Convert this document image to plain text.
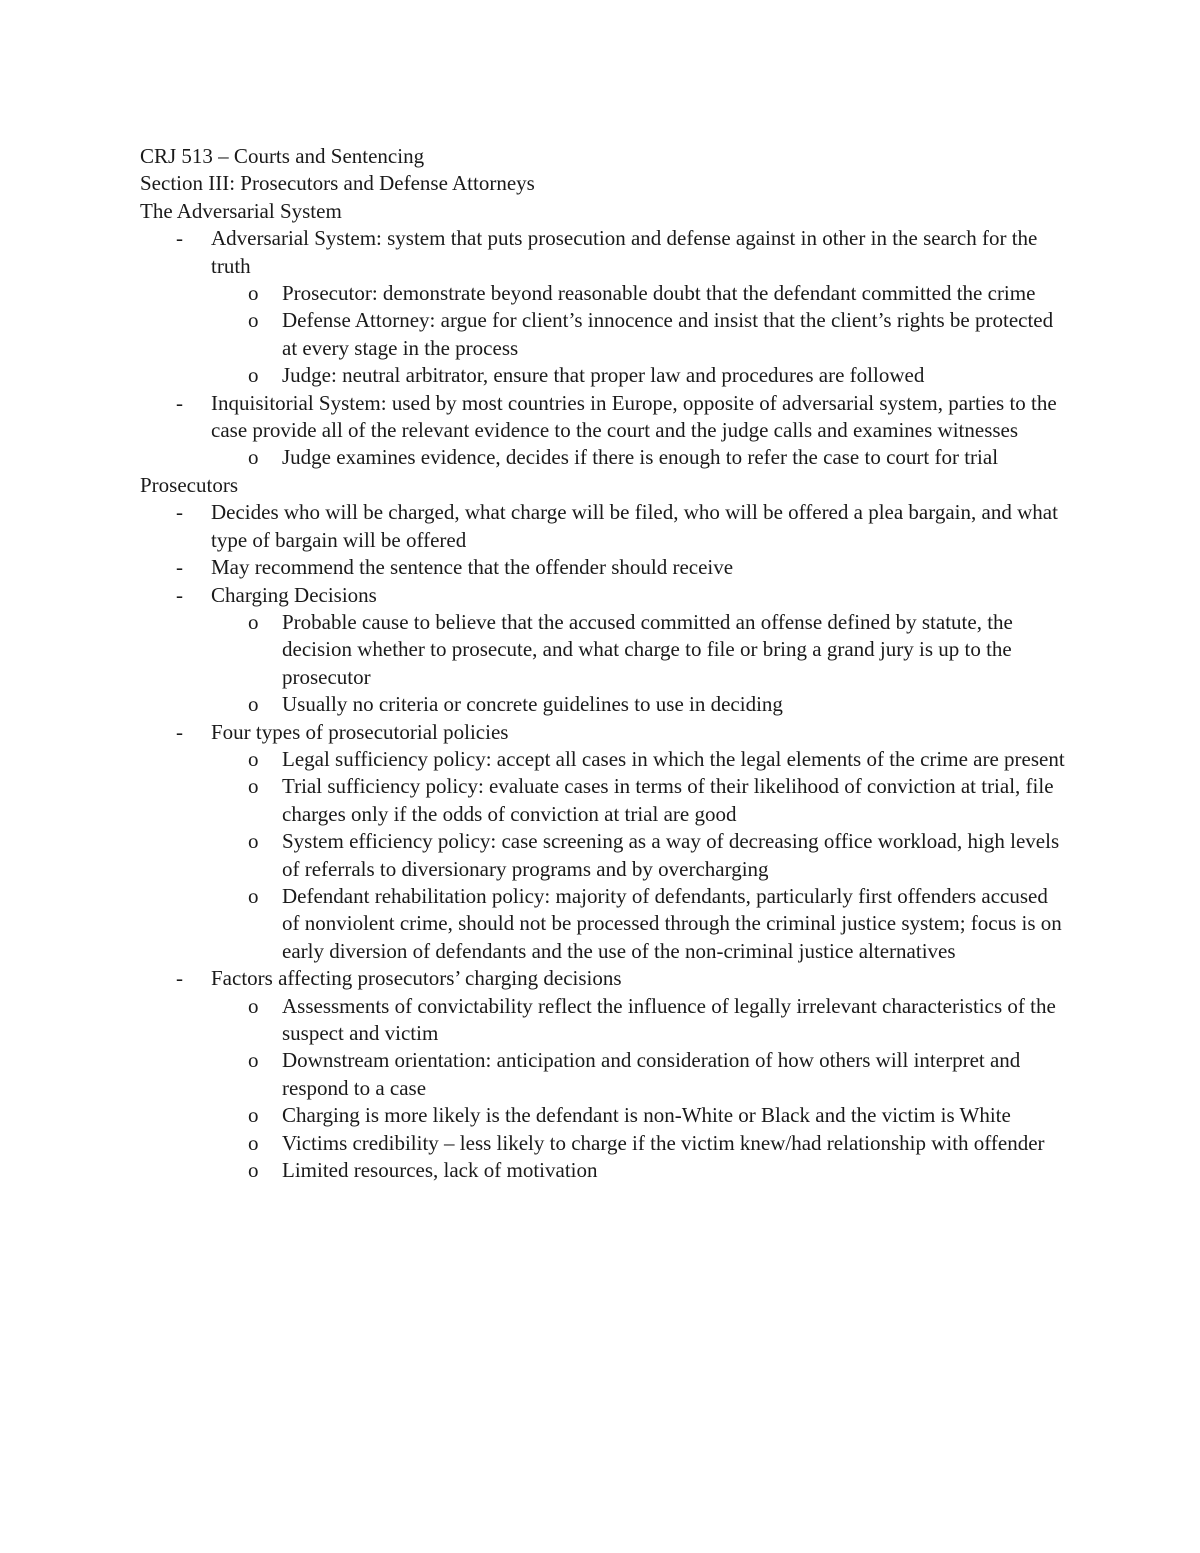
CRJ 513 – Courts and Sentencing

Section III: Prosecutors and Defense Attorneys

The Adversarial System

-	Adversarial System: system that puts prosecution and defense against in other in the search for the truth
o	Prosecutor: demonstrate beyond reasonable doubt that the defendant committed the crime
o	Defense Attorney: argue for client’s innocence and insist that the client’s rights be protected at every stage in the process
o	Judge: neutral arbitrator, ensure that proper law and procedures are followed
-	Inquisitorial System: used by most countries in Europe, opposite of adversarial system, parties to the case provide all of the relevant evidence to the court and the judge calls and examines witnesses
o	Judge examines evidence, decides if there is enough to refer the case to court for trial

Prosecutors

-	Decides who will be charged, what charge will be filed, who will be offered a plea bargain, and what type of bargain will be offered
-	May recommend the sentence that the offender should receive
-	Charging Decisions
o	Probable cause to believe that the accused committed an offense defined by statute, the decision whether to prosecute, and what charge to file or bring a grand jury is up to the prosecutor
o	Usually no criteria or concrete guidelines to use in deciding
-	Four types of prosecutorial policies
o	Legal sufficiency policy: accept all cases in which the legal elements of the crime are present
o	Trial sufficiency policy: evaluate cases in terms of their likelihood of conviction at trial, file charges only if the odds of conviction at trial are good
o	System efficiency policy: case screening as a way of decreasing office workload, high levels of referrals to diversionary programs and by overcharging
o	Defendant rehabilitation policy: majority of defendants, particularly first offenders accused of nonviolent crime, should not be processed through the criminal justice system; focus is on early diversion of defendants and the use of the non-criminal justice alternatives
-	Factors affecting prosecutors’ charging decisions
o	Assessments of convictability reflect the influence of legally irrelevant characteristics of the suspect and victim
o	Downstream orientation: anticipation and consideration of how others will interpret and respond to a case
o	Charging is more likely is the defendant is non-White or Black and the victim is White
o	Victims credibility – less likely to charge if the victim knew/had relationship with offender
o	Limited resources, lack of motivation
